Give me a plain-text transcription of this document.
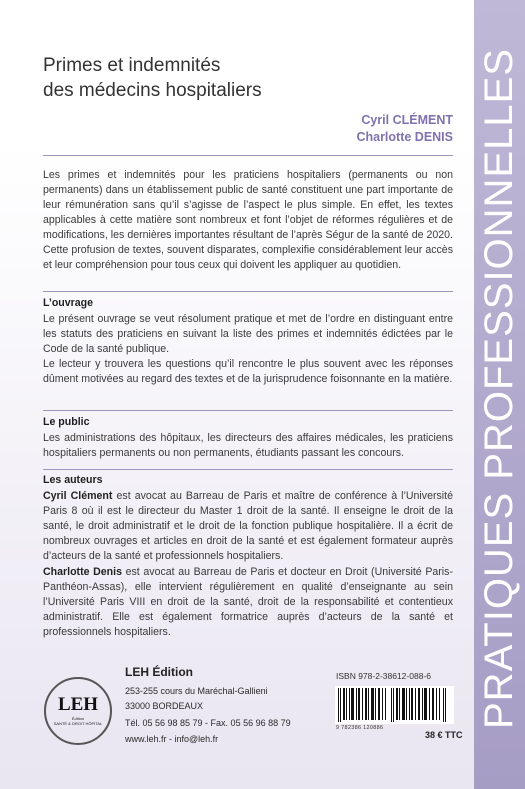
Primes et indemnités
des médecins hospitaliers
Cyril CLÉMENT
Charlotte DENIS

Les primes et indemnités pour les praticiens hospitaliers (permanents ou non permanents) dans un établissement public de santé constituent une part importante de leur rémunération sans qu’il s’agisse de l’aspect le plus simple. En effet, les textes applicables à cette matière sont nombreux et font l’objet de réformes régulières et de modifications, les dernières importantes résultant de l’après Ségur de la santé de 2020. Cette profusion de textes, souvent disparates, complexifie considérablement leur accès et leur compréhension pour tous ceux qui doivent les appliquer au quotidien.

L’ouvrage

Le présent ouvrage se veut résolument pratique et met de l’ordre en distinguant entre les statuts des praticiens en suivant la liste des primes et indemnités édictées par le Code de la santé publique.

Le lecteur y trouvera les questions qu’il rencontre le plus souvent avec les réponses dûment motivées au regard des textes et de la jurisprudence foisonnante en la matière.

Le public

Les administrations des hôpitaux, les directeurs des affaires médicales, les praticiens hospitaliers permanents ou non permanents, étudiants passant les concours.

Les auteurs

Cyril Clément est avocat au Barreau de Paris et maître de conférence à l’Université Paris 8 où il est le directeur du Master 1 droit de la santé. Il enseigne le droit de la santé, le droit administratif et le droit de la fonction publique hospitalière. Il a écrit de nombreux ouvrages et articles en droit de la santé et est également formateur auprès d’acteurs de la santé et professionnels hospitaliers.

Charlotte Denis est avocat au Barreau de Paris et docteur en Droit (Université Paris-Panthéon-Assas), elle intervient régulièrement en qualité d’enseignante au sein l’Université Paris VIII en droit de la santé, droit de la responsabilité et contentieux administratif. Elle est également formatrice auprès d’acteurs de la santé et professionnels hospitaliers.

LEH
Édition
SANTÉ & DROIT HÔPITAL
LEH Édition
253-255 cours du Maréchal-Gallieni
33000 BORDEAUX
Tél. 05 56 98 85 79 - Fax. 05 56 96 88 79
www.leh.fr - info@leh.fr
ISBN 978-2-38612-088-6
9 782386 120886
38 € TTC
PRATIQUES PROFESSIONNELLES
